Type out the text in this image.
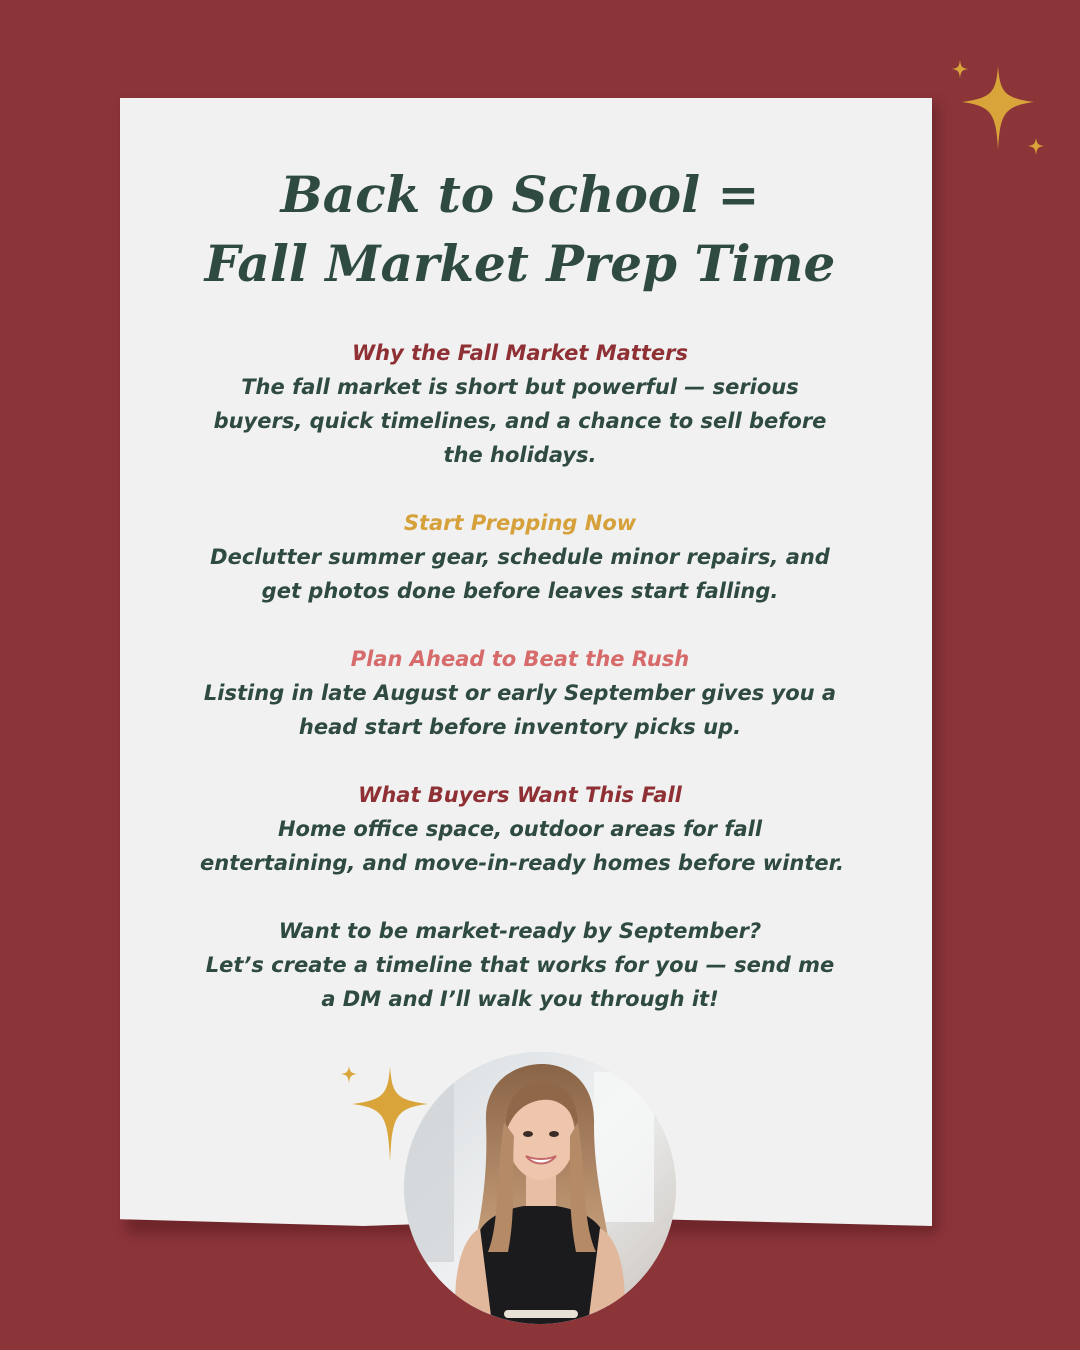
Back to School =
Fall Market Prep Time
Why the Fall Market Matters
The fall market is short but powerful — serious
buyers, quick timelines, and a chance to sell before
the holidays.
Start Prepping Now
Declutter summer gear, schedule minor repairs, and
get photos done before leaves start falling.
Plan Ahead to Beat the Rush
Listing in late August or early September gives you a
head start before inventory picks up.
What Buyers Want This Fall
Home office space, outdoor areas for fall
entertaining, and move-in-ready homes before winter.
Want to be market-ready by September?
Let’s create a timeline that works for you — send me
a DM and I’ll walk you through it!
